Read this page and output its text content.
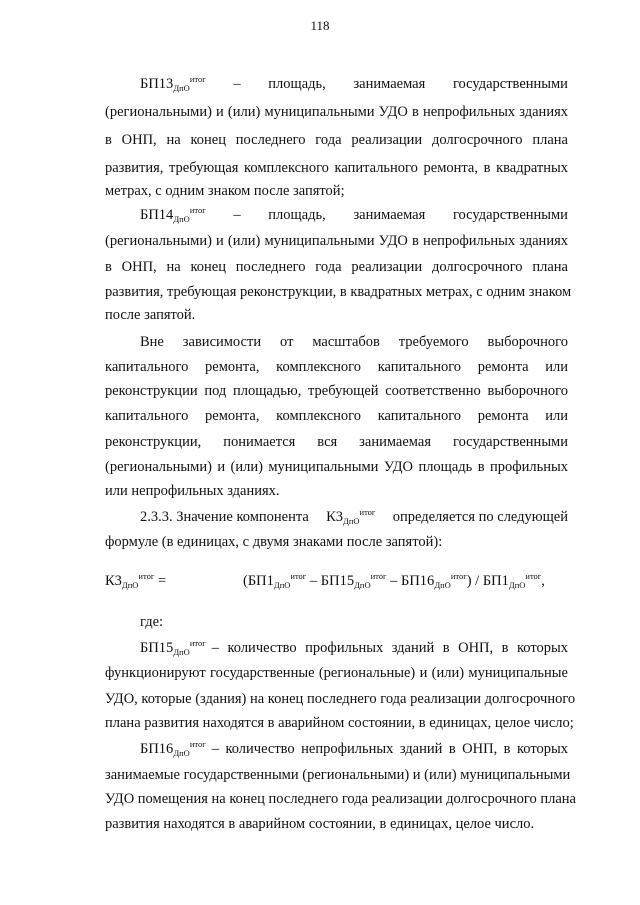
118
$БП13_{ДпО}^{итог}$ – площадь, занимаемая государственными
(региональными) и (или) муниципальными УДО в непрофильных зданиях
в ОНП, на конец последнего года реализации долгосрочного плана
развития, требующая комплексного капитального ремонта, в квадратных
метрах, с одним знаком после запятой;
$БП14_{ДпО}^{итог}$ – площадь, занимаемая государственными
(региональными) и (или) муниципальными УДО в непрофильных зданиях
в ОНП, на конец последнего года реализации долгосрочного плана
развития, требующая реконструкции, в квадратных метрах, с одним знаком
после запятой.
Вне зависимости от масштабов требуемого выборочного
капитального ремонта, комплексного капитального ремонта или
реконструкции под площадью, требующей соответственно выборочного
капитального ремонта, комплексного капитального ремонта или
реконструкции, понимается вся занимаемая государственными
(региональными) и (или) муниципальными УДО площадь в профильных
или непрофильных зданиях.
2.3.3. Значение компонента $К3_{ДпО}^{итог}$ определяется по следующей
формуле (в единицах, с двумя знаками после запятой):
$К3_{ДпО}^{итог}$ =	$(БП1_{ДпО}^{итог} - БП15_{ДпО}^{итог} - БП16_{ДпО}^{итог}) / БП1_{ДпО}^{итог}$,
где:
$БП15_{ДпО}^{итог}$ – количество профильных зданий в ОНП, в которых
функционируют государственные (региональные) и (или) муниципальные
УДО, которые (здания) на конец последнего года реализации долгосрочного
плана развития находятся в аварийном состоянии, в единицах, целое число;
$БП16_{ДпО}^{итог}$ – количество непрофильных зданий в ОНП, в которых
занимаемые государственными (региональными) и (или) муниципальными
УДО помещения на конец последнего года реализации долгосрочного плана
развития находятся в аварийном состоянии, в единицах, целое число.
